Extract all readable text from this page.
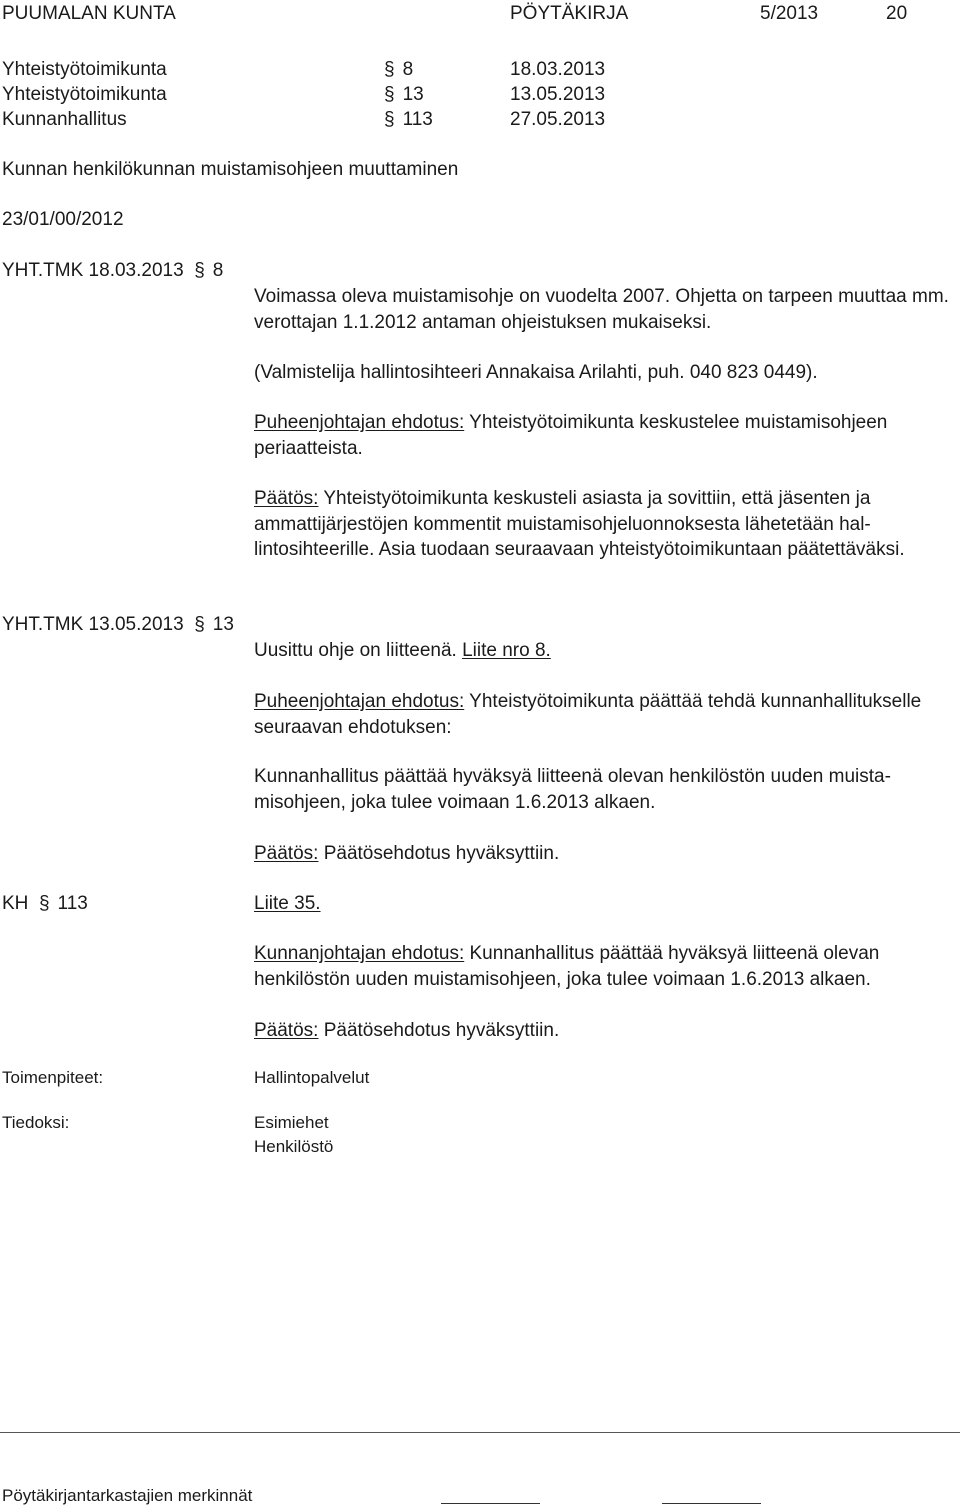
PUUMALAN KUNTA	PÖYTÄKIRJA	5/2013	20
Yhteistyötoimikunta	§ 8	18.03.2013
Yhteistyötoimikunta	§ 13	13.05.2013
Kunnanhallitus	§ 113	27.05.2013
Kunnan henkilökunnan muistamisohjeen muuttaminen
23/01/00/2012
YHT.TMK 18.03.2013 § 8
Voimassa oleva muistamisohje on vuodelta 2007. Ohjetta on tarpeen muuttaa mm. verottajan 1.1.2012 antaman ohjeistuksen mukaiseksi.
(Valmistelija hallintosihteeri Annakaisa Arilahti, puh. 040 823 0449).
Puheenjohtajan ehdotus: Yhteistyötoimikunta keskustelee muistamisohjeen periaatteista.
Päätös: Yhteistyötoimikunta keskusteli asiasta ja sovittiin, että jäsenten ja ammattijärjestöjen kommentit muistamisohjeluonnoksesta lähetetään hallintosihteerille. Asia tuodaan seuraavaan yhteistyötoimikuntaan päätettäväksi.
YHT.TMK 13.05.2013 § 13
Uusittu ohje on liitteenä. Liite nro 8.
Puheenjohtajan ehdotus: Yhteistyötoimikunta päättää tehdä kunnanhallitukselle seuraavan ehdotuksen:
Kunnanhallitus päättää hyväksyä liitteenä olevan henkilöstön uuden muistamisohjeen, joka tulee voimaan 1.6.2013 alkaen.
Päätös: Päätösehdotus hyväksyttiin.
KH § 113	Liite 35.
Kunnanjohtajan ehdotus: Kunnanhallitus päättää hyväksyä liitteenä olevan henkilöstön uuden muistamisohjeen, joka tulee voimaan 1.6.2013 alkaen.
Päätös: Päätösehdotus hyväksyttiin.
Toimenpiteet:	Hallintopalvelut
Tiedoksi:	Esimiehet
Henkilöstö
Pöytäkirjantarkastajien merkinnät
